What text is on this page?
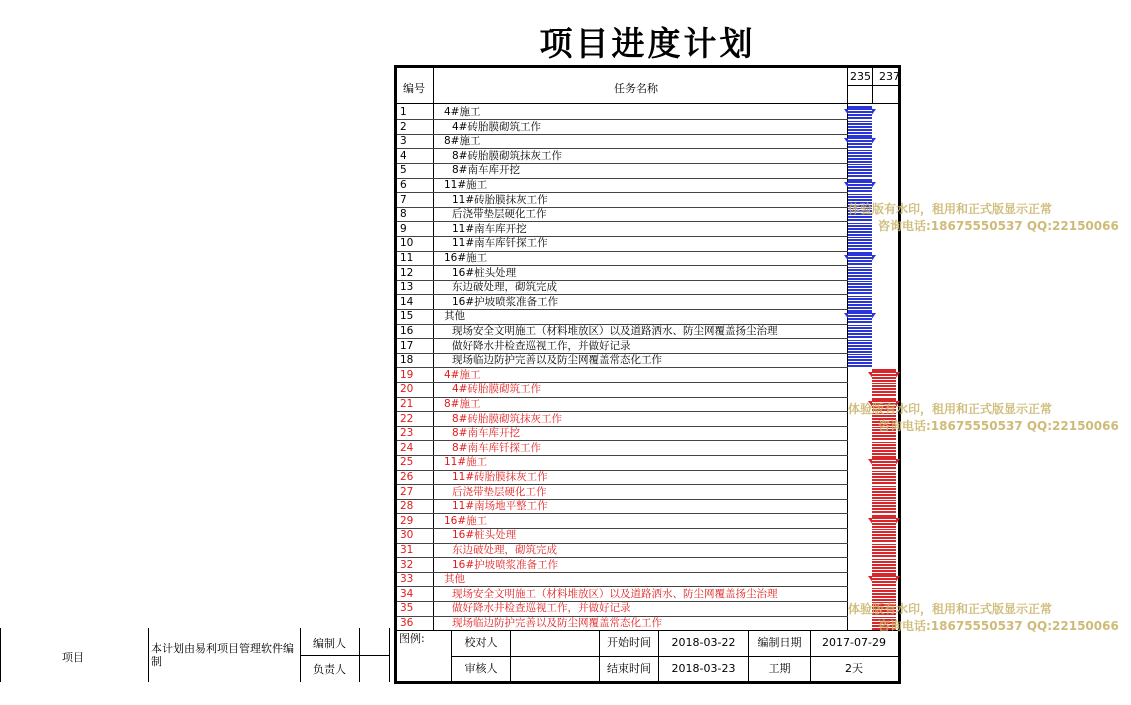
项目进度计划
编号	任务名称
235 237
1	4#施工
2	4#砖胎膜砌筑工作
3	8#施工
4	8#砖胎膜砌筑抹灰工作
5	8#南车库开挖
6	11#施工
7	11#砖胎膜抹灰工作
8	后浇带垫层硬化工作
9	11#南车库开挖
10	11#南车库钎探工作
11	16#施工
12	16#桩头处理
13	东边破处理，砌筑完成
14	16#护坡喷浆准备工作
15	其他
16	现场安全文明施工（材料堆放区）以及道路洒水、防尘网覆盖扬尘治理
17	做好降水井检查巡视工作，并做好记录
18	现场临边防护完善以及防尘网覆盖常态化工作
19	4#施工
20	4#砖胎膜砌筑工作
21	8#施工
22	8#砖胎膜砌筑抹灰工作
23	8#南车库开挖
24	8#南车库钎探工作
25	11#施工
26	11#砖胎膜抹灰工作
27	后浇带垫层硬化工作
28	11#南场地平整工作
29	16#施工
30	16#桩头处理
31	东边破处理，砌筑完成
32	16#护坡喷浆准备工作
33	其他
34	现场安全文明施工（材料堆放区）以及道路洒水、防尘网覆盖扬尘治理
35	做好降水井检查巡视工作，并做好记录
36	现场临边防护完善以及防尘网覆盖常态化工作
图例:	校对人
审核人
开始时间	2018-03-22
结束时间	2018-03-23
编制日期	2017-07-29
工期	2天
项目
本计划由易利项目管理软件编制
编制人
负责人
体验版有水印，租用和正式版显示正常
咨询电话:18675550537 QQ:22150066
体验版有水印，租用和正式版显示正常
咨询电话:18675550537 QQ:22150066
体验版有水印，租用和正式版显示正常
咨询电话:18675550537 QQ:22150066
